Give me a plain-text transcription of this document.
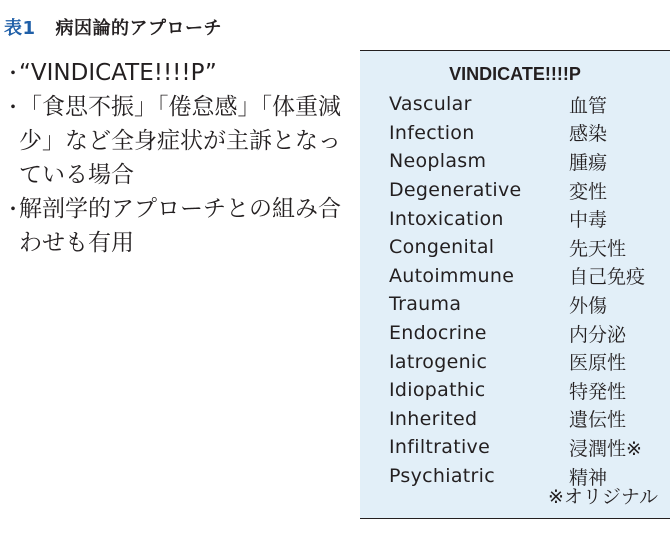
表1 病因論的アプローチ
・
“VINDICATE!!!!P”
・
「食思不振」「倦怠感」「体重減少」など全身症状が主訴となっている場合
・
解剖学的アプローチとの組み合わせも有用
VINDICATE!!!!P
Vascular	血管
Infection	感染
Neoplasm	腫瘍
Degenerative	変性
Intoxication	中毒
Congenital	先天性
Autoimmune	自己免疫
Trauma	外傷
Endocrine	内分泌
Iatrogenic	医原性
Idiopathic	特発性
Inherited	遺伝性
Infiltrative	浸潤性※
Psychiatric	精神
※オリジナル
